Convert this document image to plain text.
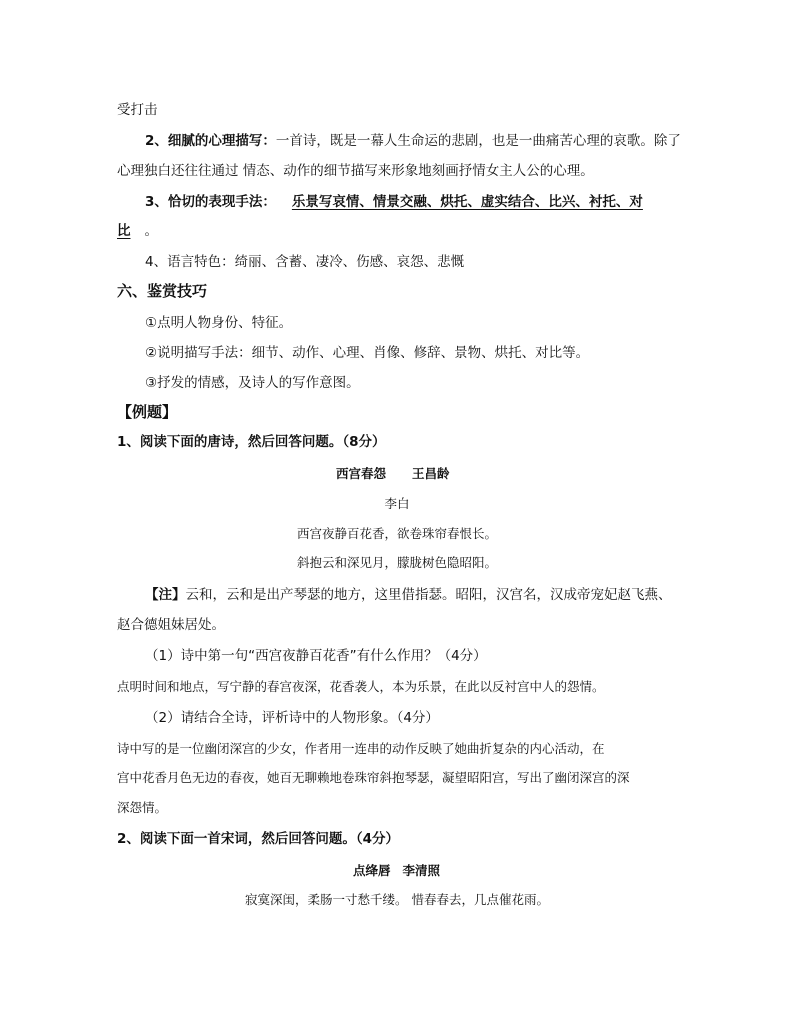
受打击
2、细腻的心理描写：一首诗，既是一幕人生命运的悲剧，也是一曲痛苦心理的哀歌。除了
心理独白还往往通过 情态、动作的细节描写来形象地刻画抒情女主人公的心理。
3、恰切的表现手法： 乐景写哀情、情景交融、烘托、虚实结合、比兴、衬托、对
比 。
4、语言特色：绮丽、含蓄、凄冷、伤感、哀怨、悲慨
六、鉴赏技巧
①点明人物身份、特征。
②说明描写手法：细节、动作、心理、肖像、修辞、景物、烘托、对比等。
③抒发的情感，及诗人的写作意图。
【例题】
1、阅读下面的唐诗，然后回答问题。（8分）
西宫春怨 王昌龄
李白
西宫夜静百花香，欲卷珠帘春恨长。
斜抱云和深见月，朦胧树色隐昭阳。
【注】云和，云和是出产琴瑟的地方，这里借指瑟。昭阳，汉宫名，汉成帝宠妃赵飞燕、
赵合德姐妹居处。
（1）诗中第一句“西宫夜静百花香”有什么作用？（4分）
点明时间和地点，写宁静的春宫夜深，花香袭人，本为乐景，在此以反衬宫中人的怨情。
（2）请结合全诗，评析诗中的人物形象。（4分）
诗中写的是一位幽闭深宫的少女，作者用一连串的动作反映了她曲折复杂的内心活动，在
宫中花香月色无边的春夜，她百无聊赖地卷珠帘斜抱琴瑟，凝望昭阳宫，写出了幽闭深宫的深
深怨情。
2、阅读下面一首宋词，然后回答问题。（4分）
点绛唇 李清照
寂寞深闺，柔肠一寸愁千缕。 惜春春去，几点催花雨。
